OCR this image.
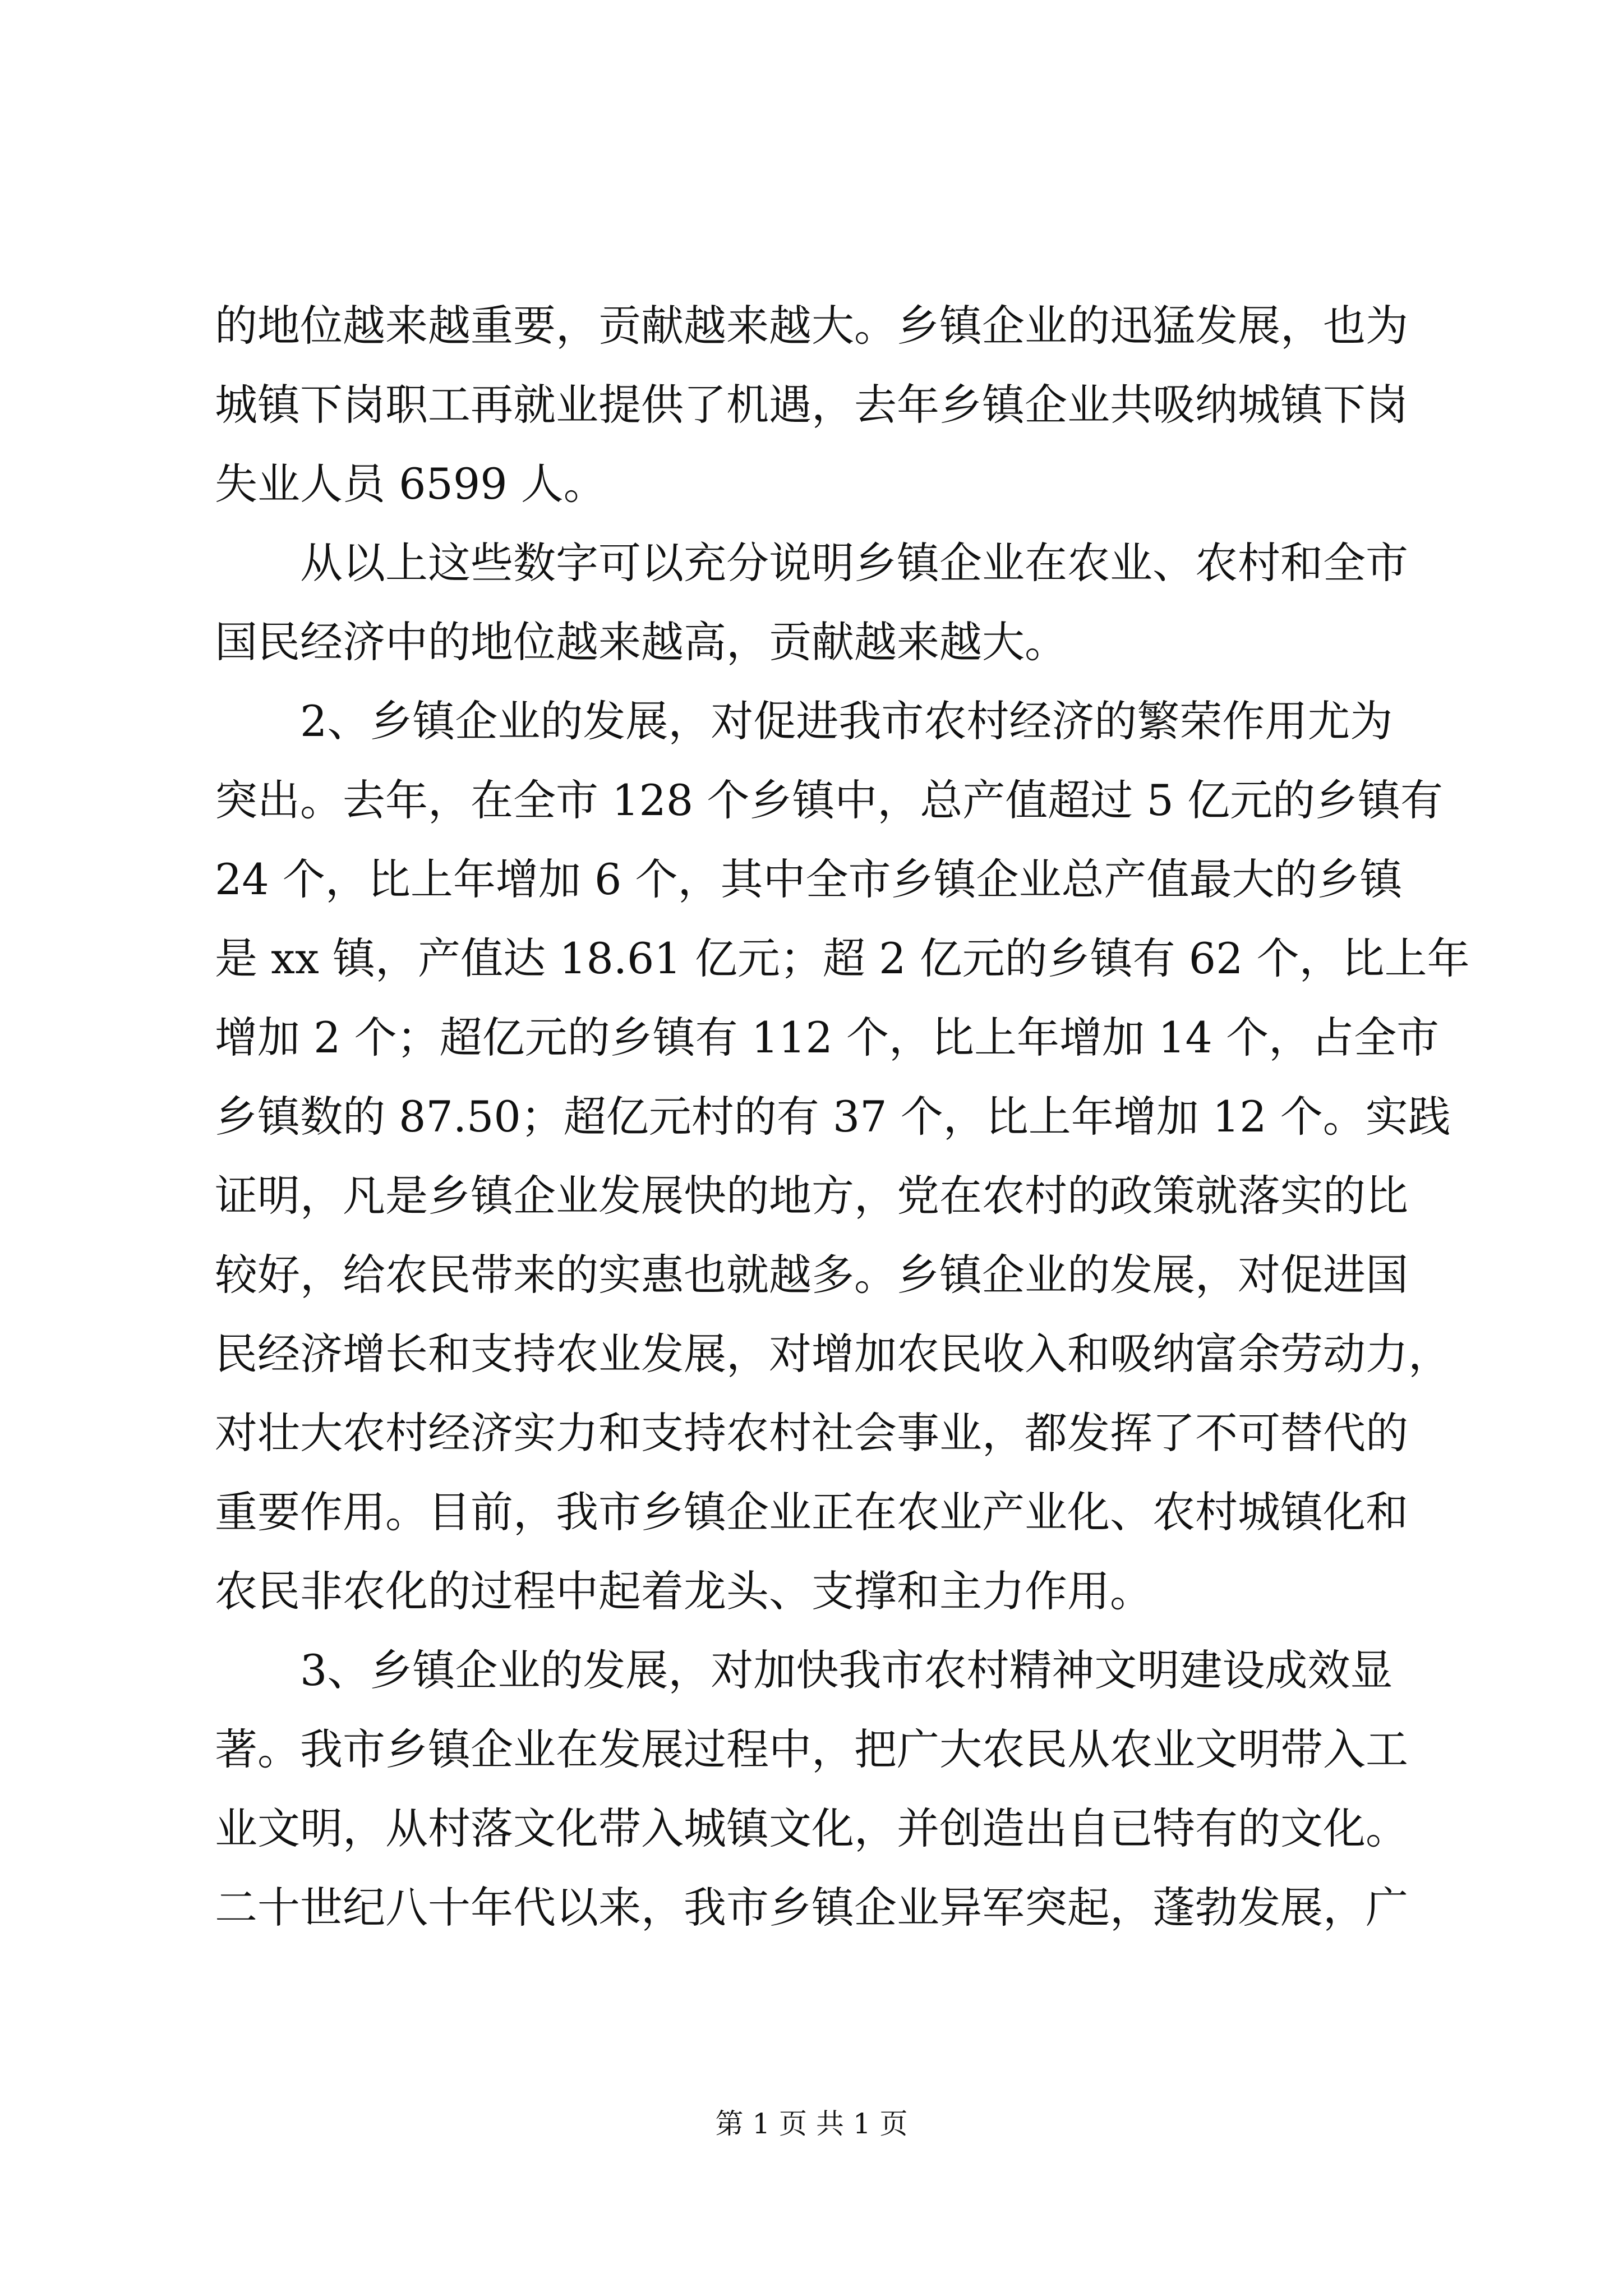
的地位越来越重要，贡献越来越大。乡镇企业的迅猛发展，也为
城镇下岗职工再就业提供了机遇，去年乡镇企业共吸纳城镇下岗
失业人员 6599 人。
从以上这些数字可以充分说明乡镇企业在农业、农村和全市
国民经济中的地位越来越高，贡献越来越大。
2、乡镇企业的发展，对促进我市农村经济的繁荣作用尤为
突出。去年，在全市 128 个乡镇中，总产值超过 5 亿元的乡镇有
24 个，比上年增加 6 个，其中全市乡镇企业总产值最大的乡镇
是 xx 镇，产值达 18.61 亿元；超 2 亿元的乡镇有 62 个，比上年
增加 2 个；超亿元的乡镇有 112 个，比上年增加 14 个，占全市
乡镇数的 87.50；超亿元村的有 37 个，比上年增加 12 个。实践
证明，凡是乡镇企业发展快的地方，党在农村的政策就落实的比
较好，给农民带来的实惠也就越多。乡镇企业的发展，对促进国
民经济增长和支持农业发展，对增加农民收入和吸纳富余劳动力，
对壮大农村经济实力和支持农村社会事业，都发挥了不可替代的
重要作用。目前，我市乡镇企业正在农业产业化、农村城镇化和
农民非农化的过程中起着龙头、支撑和主力作用。
3、乡镇企业的发展，对加快我市农村精神文明建设成效显
著。我市乡镇企业在发展过程中，把广大农民从农业文明带入工
业文明，从村落文化带入城镇文化，并创造出自已特有的文化。
二十世纪八十年代以来，我市乡镇企业异军突起，蓬勃发展，广
第 1 页 共 1 页
